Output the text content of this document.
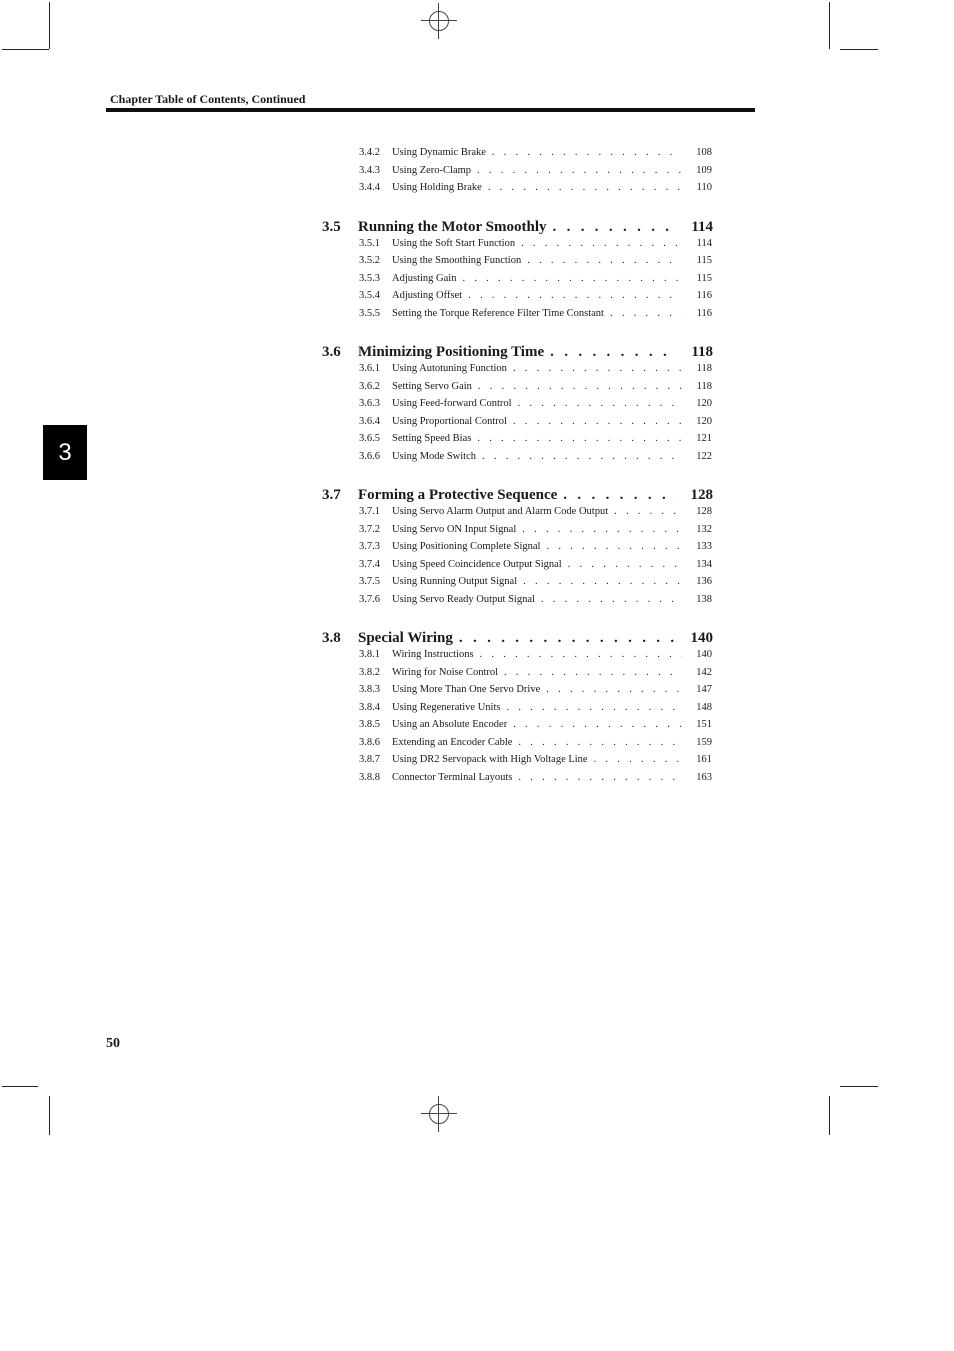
Chapter Table of Contents, Continued
3
3.4.2	Using Dynamic Brake . . .	108
3.4.3	Using Zero-Clamp . . .	109
3.4.4	Using Holding Brake . . .	110
3.5	Running the Motor Smoothly . . .	114
3.5.1	Using the Soft Start Function . . .	114
3.5.2	Using the Smoothing Function . . .	115
3.5.3	Adjusting Gain . . .	115
3.5.4	Adjusting Offset . . .	116
3.5.5	Setting the Torque Reference Filter Time Constant . . .	116
3.6	Minimizing Positioning Time . . .	118
3.6.1	Using Autotuning Function . . .	118
3.6.2	Setting Servo Gain . . .	118
3.6.3	Using Feed-forward Control . . .	120
3.6.4	Using Proportional Control . . .	120
3.6.5	Setting Speed Bias . . .	121
3.6.6	Using Mode Switch . . .	122
3.7	Forming a Protective Sequence . . .	128
3.7.1	Using Servo Alarm Output and Alarm Code Output . . .	128
3.7.2	Using Servo ON Input Signal . . .	132
3.7.3	Using Positioning Complete Signal . . .	133
3.7.4	Using Speed Coincidence Output Signal . . .	134
3.7.5	Using Running Output Signal . . .	136
3.7.6	Using Servo Ready Output Signal . . .	138
3.8	Special Wiring . . .	140
3.8.1	Wiring Instructions . . .	140
3.8.2	Wiring for Noise Control . . .	142
3.8.3	Using More Than One Servo Drive . . .	147
3.8.4	Using Regenerative Units . . .	148
3.8.5	Using an Absolute Encoder . . .	151
3.8.6	Extending an Encoder Cable . . .	159
3.8.7	Using DR2 Servopack with High Voltage Line . . .	161
3.8.8	Connector Terminal Layouts . . .	163
50
